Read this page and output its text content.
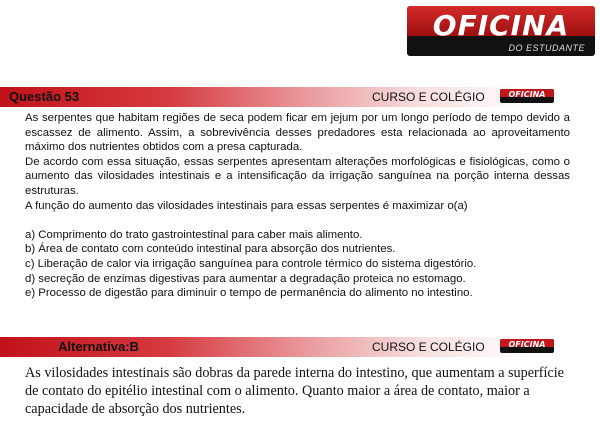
OFICINA
DO ESTUDANTE
Questão 53	CURSO E COLÉGIO	OFICINA

As serpentes que habitam regiões de seca podem ficar em jejum por um longo período de tempo devido a escassez de alimento. Assim, a sobrevivência desses predadores esta relacionada ao aproveitamento máximo dos nutrientes obtidos com a presa capturada.

De acordo com essa situação, essas serpentes apresentam alterações morfológicas e fisiológicas, como o aumento das vilosidades intestinais e a intensificação da irrigação sanguínea na porção interna dessas estruturas.

A função do aumento das vilosidades intestinais para essas serpentes é maximizar o(a)

a) Comprimento do trato gastrointestinal para caber mais alimento.

b) Área de contato com conteúdo intestinal para absorção dos nutrientes.

c) Liberação de calor via irrigação sanguínea para controle térmico do sistema digestório.

d) secreção de enzimas digestivas para aumentar a degradação proteica no estomago.

e) Processo de digestão para diminuir o tempo de permanência do alimento no intestino.

Alternativa:B	CURSO E COLÉGIO	OFICINA
As vilosidades intestinais são dobras da parede interna do intestino, que aumentam a superfície de contato do epitélio intestinal com o alimento. Quanto maior a área de contato, maior a capacidade de absorção dos nutrientes.
